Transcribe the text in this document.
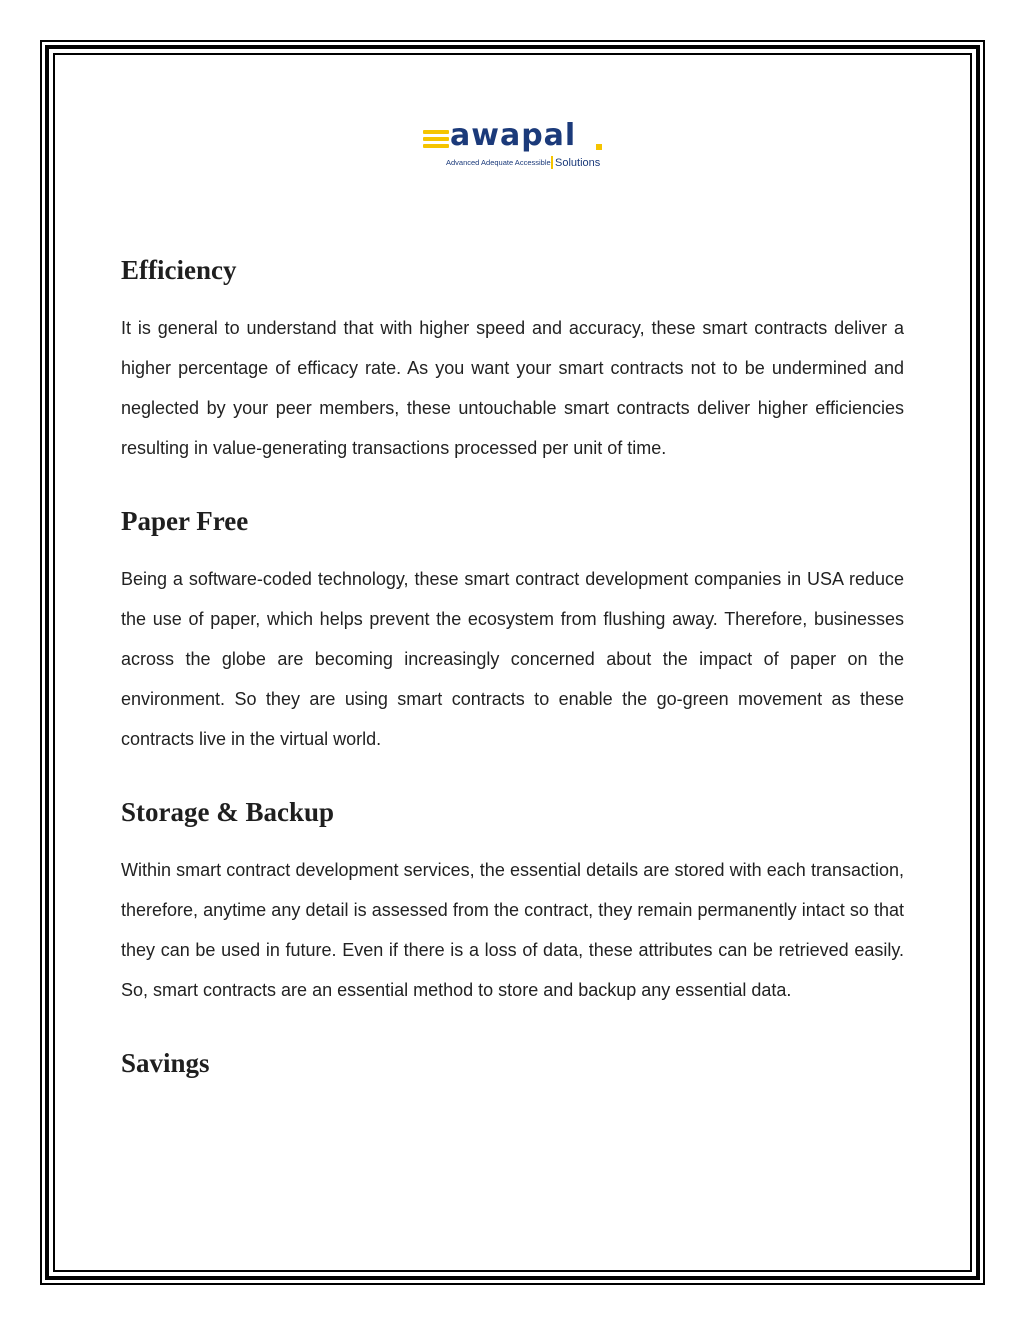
awapal
Advanced Adequate Accessible Solutions
Efficiency

It is general to understand that with higher speed and accuracy, these smart contracts deliver a higher percentage of efficacy rate. As you want your smart contracts not to be undermined and neglected by your peer members, these untouchable smart contracts deliver higher efficiencies resulting in value-generating transactions processed per unit of time.

Paper Free

Being a software-coded technology, these smart contract development companies in USA reduce the use of paper, which helps prevent the ecosystem from flushing away. Therefore, businesses across the globe are becoming increasingly concerned about the impact of paper on the environment. So they are using smart contracts to enable the go-green movement as these contracts live in the virtual world.

Storage & Backup

Within smart contract development services, the essential details are stored with each transaction, therefore, anytime any detail is assessed from the contract, they remain permanently intact so that they can be used in future. Even if there is a loss of data, these attributes can be retrieved easily. So, smart contracts are an essential method to store and backup any essential data.

Savings
